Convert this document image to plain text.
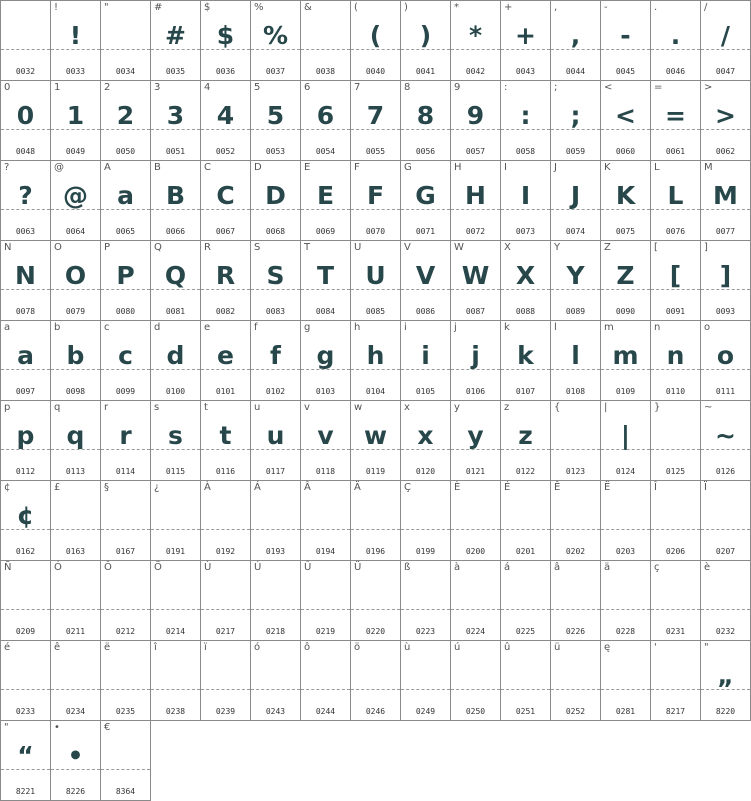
0032
!
!
0033
"
0034
#
#
0035
$
$
0036
%
%
0037
&
0038
(
(
0040
)
)
0041
*
*
0042
+
+
0043
,
,
0044
-
-
0045
.
.
0046
/
/
0047
0
0
0048
1
1
0049
2
2
0050
3
3
0051
4
4
0052
5
5
0053
6
6
0054
7
7
0055
8
8
0056
9
9
0057
:
:
0058
;
;
0059
<
<
0060
=
=
0061
>
>
0062
?
?
0063
@
@
0064
A
a
0065
B
B
0066
C
C
0067
D
D
0068
E
E
0069
F
F
0070
G
G
0071
H
H
0072
I
I
0073
J
J
0074
K
K
0075
L
L
0076
M
M
0077
N
N
0078
O
O
0079
P
P
0080
Q
Q
0081
R
R
0082
S
S
0083
T
T
0084
U
U
0085
V
V
0086
W
W
0087
X
X
0088
Y
Y
0089
Z
Z
0090
[
[
0091
]
]
0093
a
a
0097
b
b
0098
c
c
0099
d
d
0100
e
e
0101
f
f
0102
g
g
0103
h
h
0104
i
i
0105
j
j
0106
k
k
0107
l
l
0108
m
m
0109
n
n
0110
o
o
0111
p
p
0112
q
q
0113
r
r
0114
s
s
0115
t
t
0116
u
u
0117
v
v
0118
w
w
0119
x
x
0120
y
y
0121
z
z
0122
{
0123
|
|
0124
}
0125
~
~
0126
¢
¢
0162
£
0163
§
0167
¿
0191
À
0192
Á
0193
Â
0194
Ä
0196
Ç
0199
È
0200
É
0201
Ê
0202
Ë
0203
Î
0206
Ï
0207
Ñ
0209
Ó
0211
Ô
0212
Ö
0214
Ù
0217
Ú
0218
Û
0219
Ü
0220
ß
0223
à
0224
á
0225
â
0226
ä
0228
ç
0231
è
0232
é
0233
ê
0234
ë
0235
î
0238
ï
0239
ó
0243
ô
0244
ö
0246
ù
0249
ú
0250
û
0251
ü
0252
ę
0281
'
8217
"
„
8220
"
“
8221
•
•
8226
€
8364
